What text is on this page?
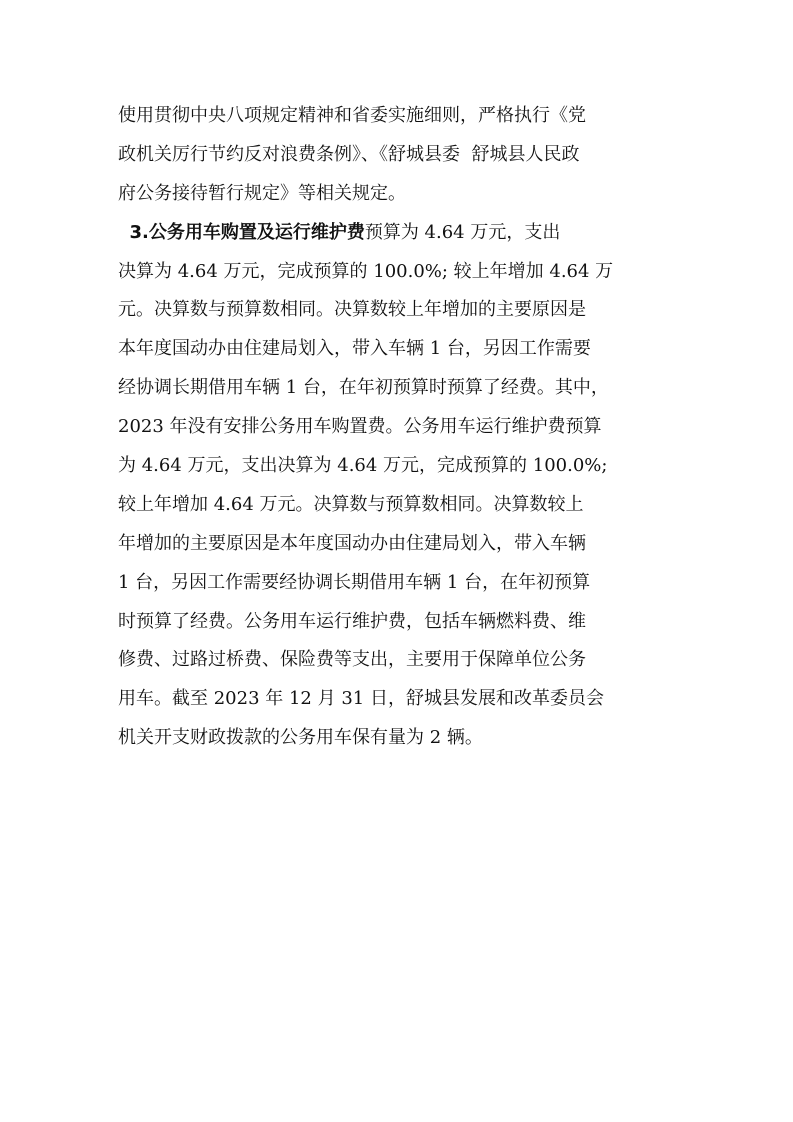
使用贯彻中央八项规定精神和省委实施细则，严格执行《党
政机关厉行节约反对浪费条例》、《舒城县委  舒城县人民政
府公务接待暂行规定》等相关规定。
3.公务用车购置及运行维护费预算为 4.64 万元，支出
决算为 4.64 万元，完成预算的 100.0%; 较上年增加 4.64 万
元。决算数与预算数相同。决算数较上年增加的主要原因是
本年度国动办由住建局划入，带入车辆 1 台，另因工作需要
经协调长期借用车辆 1 台，在年初预算时预算了经费。其中，
2023 年没有安排公务用车购置费。公务用车运行维护费预算
为 4.64 万元，支出决算为 4.64 万元，完成预算的 100.0%;
较上年增加 4.64 万元。决算数与预算数相同。决算数较上
年增加的主要原因是本年度国动办由住建局划入，带入车辆
1 台，另因工作需要经协调长期借用车辆 1 台，在年初预算
时预算了经费。公务用车运行维护费，包括车辆燃料费、维
修费、过路过桥费、保险费等支出，主要用于保障单位公务
用车。截至 2023 年 12 月 31 日，舒城县发展和改革委员会
机关开支财政拨款的公务用车保有量为 2 辆。
